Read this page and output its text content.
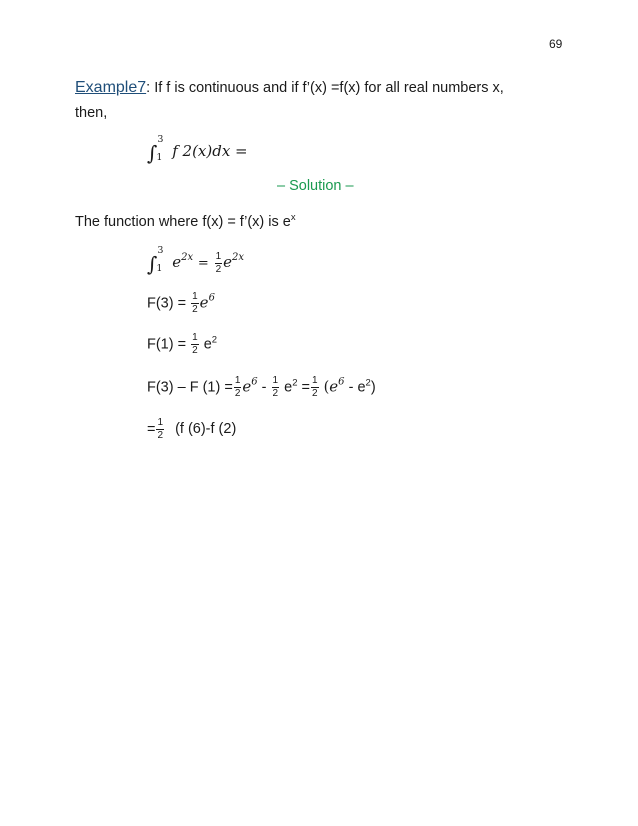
69
Example7: If f is continuous and if f’(x) =f(x) for all real numbers x,
then,
∫
3
1 f 2(x)dx =
– Solution –
The function where f(x) = f’(x) is $e^x$
∫
3
1 $e^{2x} = \frac{1}{2} e^{2x}$
$F(3) = \frac{1}{2} e^6$
$F(1) = \frac{1}{2} e^2$
F(3) – F $(1) = \frac{1}{2} e^6 - \frac{1}{2} e^2 = \frac{1}{2} (e^6 - e^2)$
= $\frac{1}{2} (f$ (6)-f (2)
